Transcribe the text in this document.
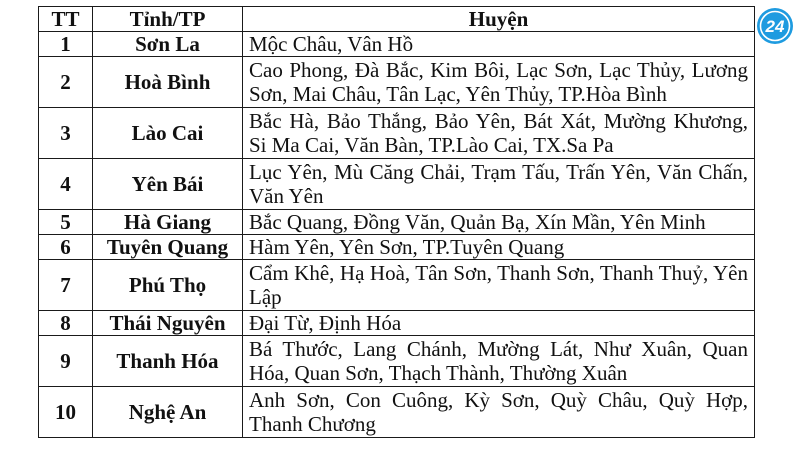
TT	Tỉnh/TP	Huyện
1	Sơn La	Mộc Châu, Vân Hồ
2	Hoà Bình	Cao Phong, Đà Bắc, Kim Bôi, Lạc Sơn, Lạc Thủy, Lương Sơn, Mai Châu, Tân Lạc, Yên Thủy, TP.Hòa Bình
3	Lào Cai	Bắc Hà, Bảo Thắng, Bảo Yên, Bát Xát, Mường Khương, Si Ma Cai, Văn Bàn, TP.Lào Cai, TX.Sa Pa
4	Yên Bái	Lục Yên, Mù Căng Chải, Trạm Tấu, Trấn Yên, Văn Chấn, Văn Yên
5	Hà Giang	Bắc Quang, Đồng Văn, Quản Bạ, Xín Mần, Yên Minh
6	Tuyên Quang	Hàm Yên, Yên Sơn, TP.Tuyên Quang
7	Phú Thọ	Cẩm Khê, Hạ Hoà, Tân Sơn, Thanh Sơn, Thanh Thuỷ, Yên Lập
8	Thái Nguyên	Đại Từ, Định Hóa
9	Thanh Hóa	Bá Thước, Lang Chánh, Mường Lát, Như Xuân, Quan Hóa, Quan Sơn, Thạch Thành, Thường Xuân
10	Nghệ An	Anh Sơn, Con Cuông, Kỳ Sơn, Quỳ Châu, Quỳ Hợp, Thanh Chương
24
